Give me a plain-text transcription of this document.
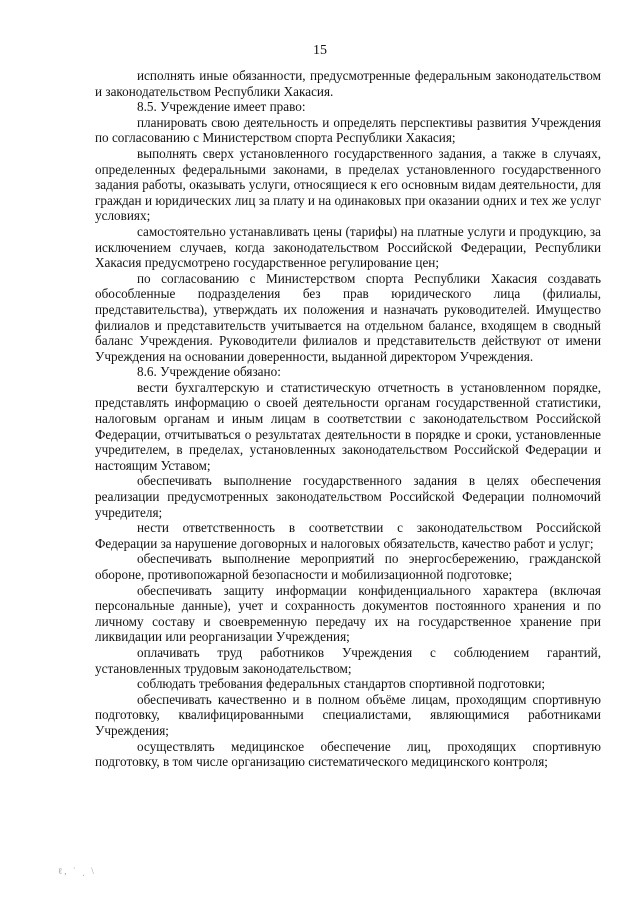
15

исполнять иные обязанности, предусмотренные федеральным законодательством и законодательством Республики Хакасия.

8.5. Учреждение имеет право:

планировать свою деятельность и определять перспективы развития Учреждения по согласованию с Министерством спорта Республики Хакасия;

выполнять сверх установленного государственного задания, а также в случаях, определенных федеральными законами, в пределах установленного государственного задания работы, оказывать услуги, относящиеся к его основным видам деятельности, для граждан и юридических лиц за плату и на одинаковых при оказании одних и тех же услуг условиях;

самостоятельно устанавливать цены (тарифы) на платные услуги и продукцию, за исключением случаев, когда законодательством Российской Федерации, Республики Хакасия предусмотрено государственное регулирование цен;

по согласованию с Министерством спорта Республики Хакасия создавать обособленные подразделения без прав юридического лица (филиалы, представительства), утверждать их положения и назначать руководителей. Имущество филиалов и представительств учитывается на отдельном балансе, входящем в сводный баланс Учреждения. Руководители филиалов и представительств действуют от имени Учреждения на основании доверенности, выданной директором Учреждения.

8.6. Учреждение обязано:

вести бухгалтерскую и статистическую отчетность в установленном порядке, представлять информацию о своей деятельности органам государственной статистики, налоговым органам и иным лицам в соответствии с законодательством Российской Федерации, отчитываться о результатах деятельности в порядке и сроки, установленные учредителем, в пределах, установленных законодательством Российской Федерации и настоящим Уставом;

обеспечивать выполнение государственного задания в целях обеспечения реализации предусмотренных законодательством Российской Федерации полномочий учредителя;

нести ответственность в соответствии с законодательством Российской Федерации за нарушение договорных и налоговых обязательств, качество работ и услуг;

обеспечивать выполнение мероприятий по энергосбережению, гражданской обороне, противопожарной безопасности и мобилизационной подготовке;

обеспечивать защиту информации конфиденциального характера (включая персональные данные), учет и сохранность документов постоянного хранения и по личному составу и своевременную передачу их на государственное хранение при ликвидации или реорганизации Учреждения;

оплачивать труд работников Учреждения с соблюдением гарантий, установленных трудовым законодательством;

соблюдать требования федеральных стандартов спортивной подготовки;

обеспечивать качественно и в полном объёме лицам, проходящим спортивную подготовку, квалифицированными специалистами, являющимися работниками Учреждения;

осуществлять медицинское обеспечение лиц, проходящих спортивную подготовку, в том числе организацию систематического медицинского контроля;

ℓ, ˙ ͵ \
